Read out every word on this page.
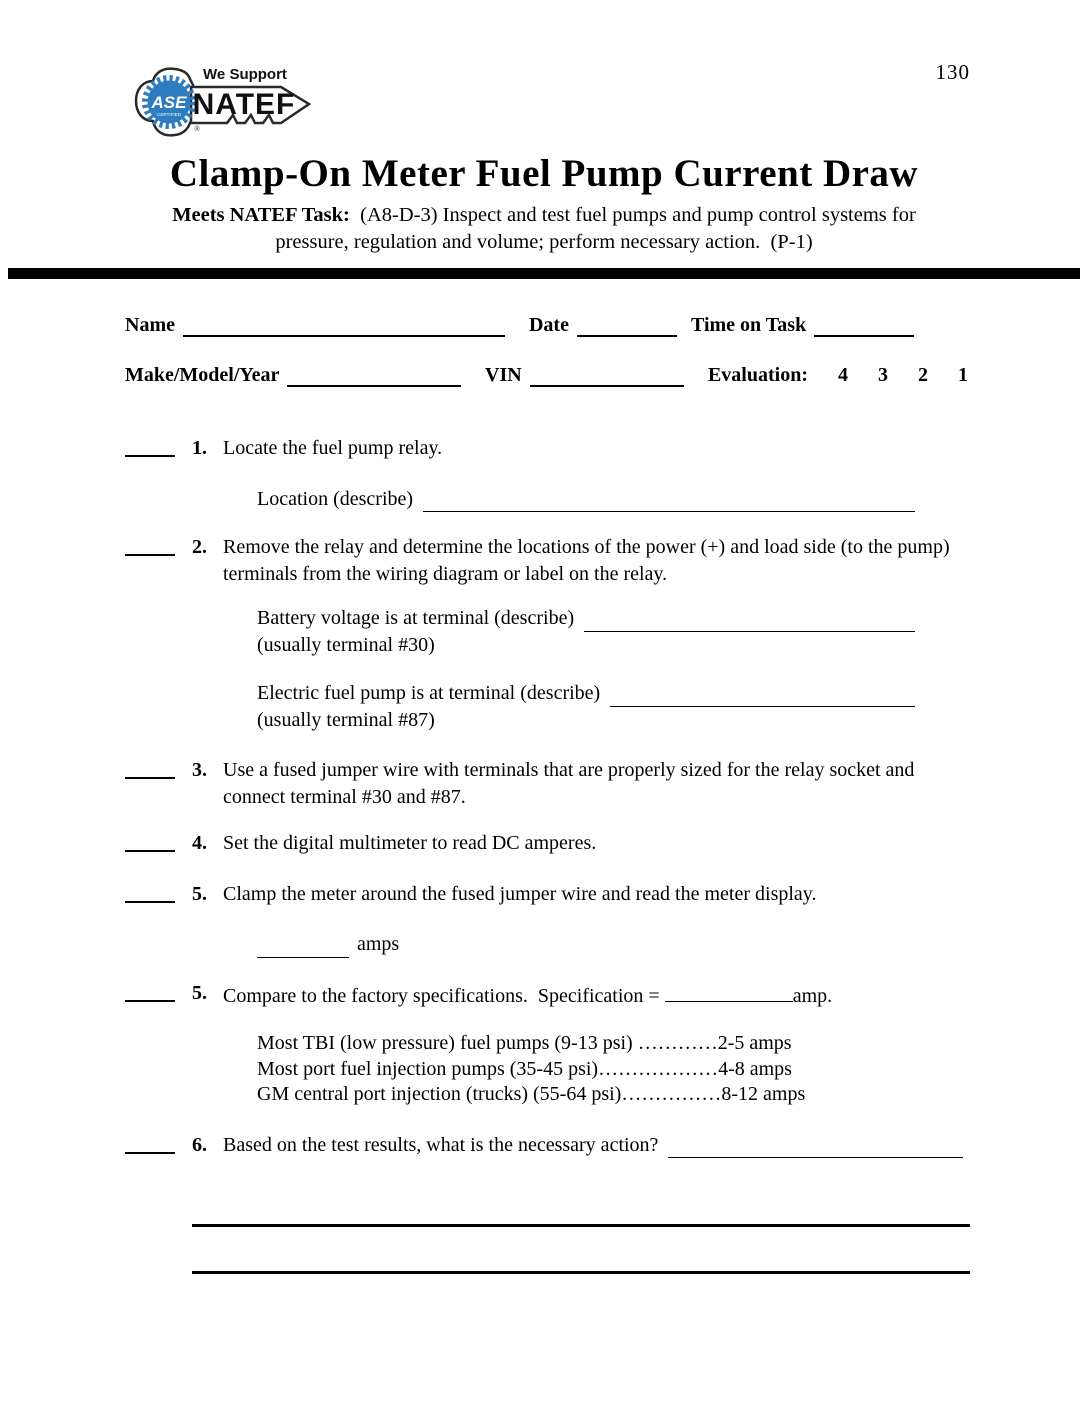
ASE
CERTIFIED
®
We Support
NATEF
130
Clamp-On Meter Fuel Pump Current Draw
Meets NATEF Task:  (A8-D-3) Inspect and test fuel pumps and pump control systems for
pressure, regulation and volume; perform necessary action.  (P-1)
Name	Date	Time on Task
Make/Model/Year	VIN	Evaluation: 4 3 2 1
1. Locate the fuel pump relay.
Location (describe)
2. Remove the relay and determine the locations of the power (+) and load side (to the pump) terminals from the wiring diagram or label on the relay.
Battery voltage is at terminal (describe)
(usually terminal #30)
Electric fuel pump is at terminal (describe)
(usually terminal #87)
3. Use a fused jumper wire with terminals that are properly sized for the relay socket and connect terminal #30 and #87.
4. Set the digital multimeter to read DC amperes.
5. Clamp the meter around the fused jumper wire and read the meter display.
amps
5. Compare to the factory specifications.  Specification =	amp.
Most TBI (low pressure) fuel pumps (9-13 psi) …………2-5 amps
Most port fuel injection pumps (35-45 psi)………………4-8 amps
GM central port injection (trucks) (55-64 psi)……………8-12 amps
6. Based on the test results, what is the necessary action?
